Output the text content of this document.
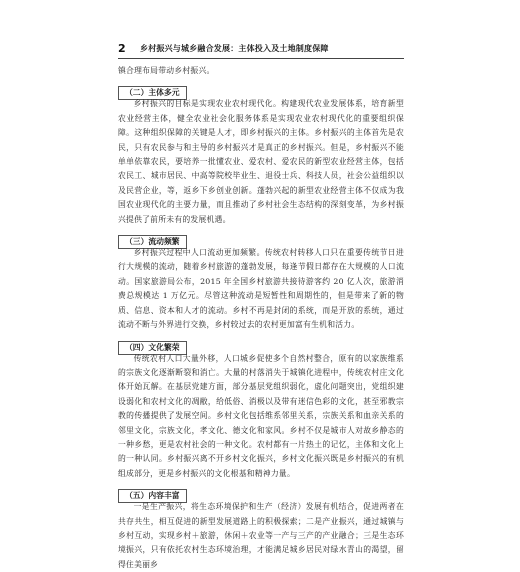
2	乡村振兴与城乡融合发展：主体投入及土地制度保障

镇合理布局带动乡村振兴。

（二）主体多元

乡村振兴的目标是实现农业农村现代化。构建现代农业发展体系，培育新型农业经营主体，健全农业社会化服务体系是实现农业农村现代化的重要组织保障。这种组织保障的关键是人才，即乡村振兴的主体。乡村振兴的主体首先是农民，只有农民参与和主导的乡村振兴才是真正的乡村振兴。但是，乡村振兴不能单单依靠农民，要培养一批懂农业、爱农村、爱农民的新型农业经营主体，包括农民工、城市居民、中高等院校毕业生、退役士兵、科技人员，社会公益组织以及民营企业，等，返乡下乡创业创新。蓬勃兴起的新型农业经营主体不仅成为我国农业现代化的主要力量，而且推动了乡村社会生态结构的深刻变革，为乡村振兴提供了前所未有的发展机遇。

（三）流动频繁

乡村振兴过程中人口流动更加频繁。传统农村转移人口只在重要传统节日进行大规模的流动，随着乡村旅游的蓬勃发展，每逢节假日都存在大规模的人口流动。国家旅游局公布，2015 年全国乡村旅游共接待游客约 20 亿人次，旅游消费总规模达 1 万亿元。尽管这种流动是短暂性和周期性的，但是带来了新的物质、信息、资本和人才的流动。乡村不再是封闭的系统，而是开放的系统，通过流动不断与外界进行交换，乡村较过去的农村更加富有生机和活力。

（四）文化繁荣

传统农村人口大量外移，人口城乡促使多个自然村整合，原有的以家族维系的宗族文化逐渐断裂和消亡。大量的村落消失于城镇化进程中，传统农村庄文化体开始瓦解。在基层党建方面，部分基层党组织弱化，虚化问题突出，党组织建设弱化和农村文化的凋敝，给低俗、消极以及带有迷信色彩的文化，甚至邪教宗教的传播提供了发展空间。乡村文化包括维系邻里关系，宗族关系和血亲关系的邻里文化，宗族文化，孝文化、德文化和家风。乡村不仅是城市人对故乡静态的一种乡愁，更是农村社会的一种文化。农村都有一片热土的记忆，主体和文化上的一种认同。乡村振兴离不开乡村文化振兴，乡村文化振兴既是乡村振兴的有机组成部分，更是乡村振兴的文化根基和精神力量。

（五）内容丰富

一是生产振兴，将生态环境保护和生产（经济）发展有机结合，促进两者在共存共生，相互促进的新型发展道路上的积极探索；二是产业振兴，通过城镇与乡村互动，实现乡村＋旅游，休闲＋农业等一产与三产的产业融合；三是生态环境振兴，只有依托农村生态环境治理，才能满足城乡居民对绿水青山的渴望，留得住美丽乡
